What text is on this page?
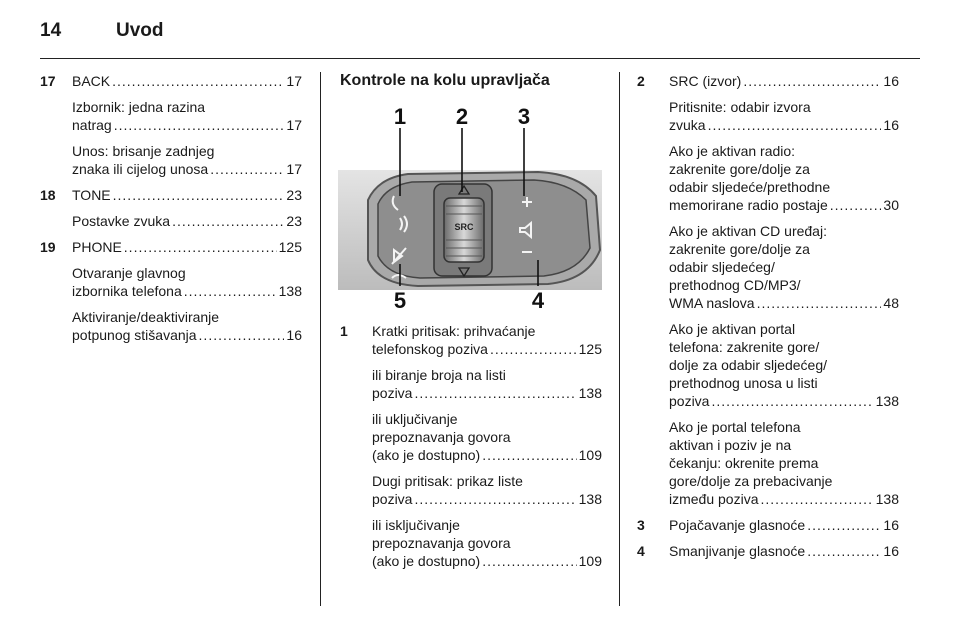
14	Uvod
17 BACK .....	17
Izbornik: jedna razina
natrag .....	17
Unos: brisanje zadnjeg
znaka ili cijelog unosa .....	17
18 TONE .....	23
Postavke zvuka .....	23
19 PHONE .....	125
Otvaranje glavnog
izbornika telefona .....	138
Aktiviranje/deaktiviranje
potpunog stišavanja .....	16
Kontrole na kolu upravljača
SRC
1 2 3
4
5
1 Kratki pritisak: prihvaćanje
telefonskog poziva .....	125
ili biranje broja na listi
poziva .....	138
ili uključivanje
prepoznavanja govora
(ako je dostupno) .....	109
Dugi pritisak: prikaz liste
poziva .....	138
ili isključivanje
prepoznavanja govora
(ako je dostupno) .....	109
2 SRC (izvor) .....	16
Pritisnite: odabir izvora
zvuka .....	16
Ako je aktivan radio:
zakrenite gore/dolje za
odabir sljedeće/prethodne
memorirane radio postaje .....	30
Ako je aktivan CD uređaj:
zakrenite gore/dolje za
odabir sljedećeg/
prethodnog CD/MP3/
WMA naslova .....	48
Ako je aktivan portal
telefona: zakrenite gore/
dolje za odabir sljedećeg/
prethodnog unosa u listi
poziva .....	138
Ako je portal telefona
aktivan i poziv je na
čekanju: okrenite prema
gore/dolje za prebacivanje
između poziva .....	138
3 Pojačavanje glasnoće .....	16
4 Smanjivanje glasnoće .....	16
